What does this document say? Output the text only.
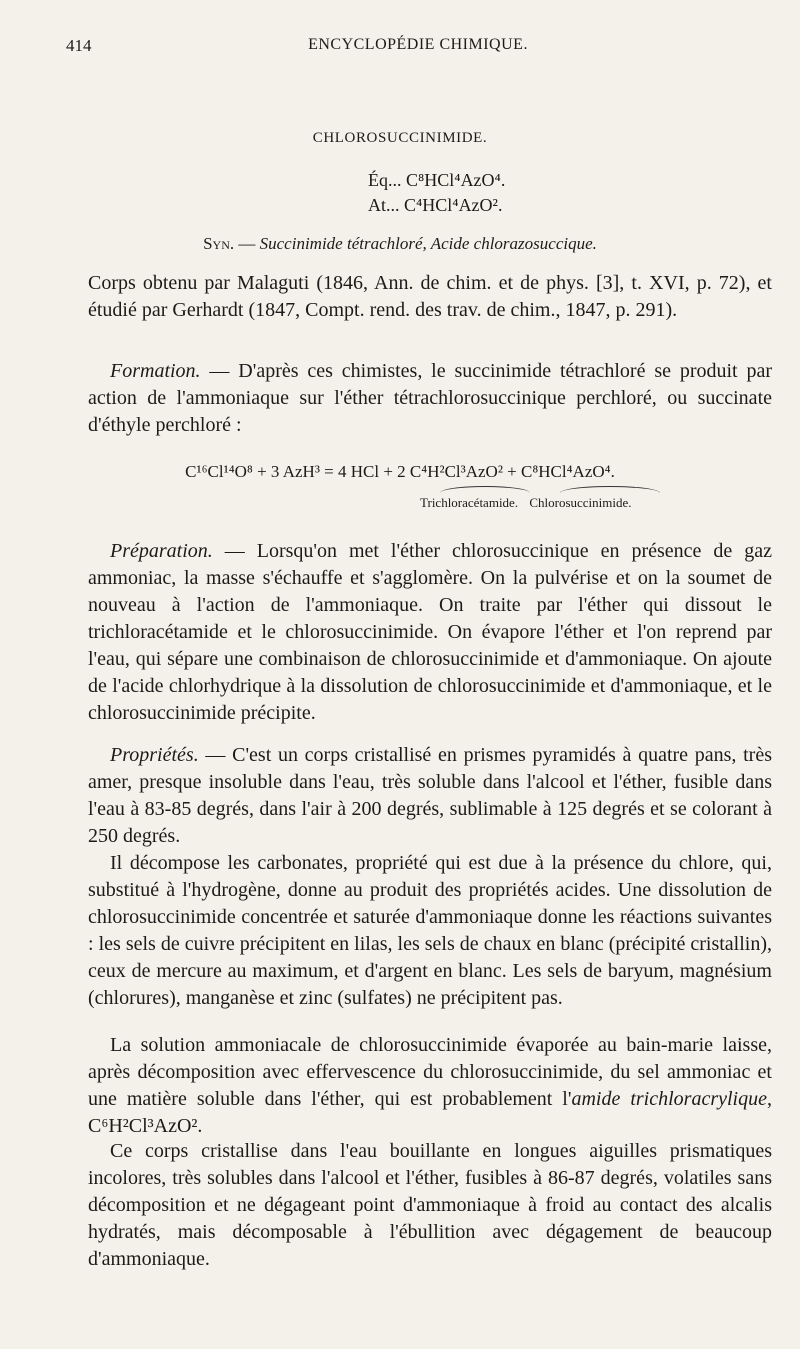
414	ENCYCLOPÉDIE CHIMIQUE.
CHLOROSUCCINIMIDE.
Éq... C⁸HCl⁴AzO⁴.
At... C⁴HCl⁴AzO².
Syn. — Succinimide tétrachloré, Acide chlorazosuccique.

Corps obtenu par Malaguti (1846, Ann. de chim. et de phys. [3], t. XVI, p. 72), et étudié par Gerhardt (1847, Compt. rend. des trav. de chim., 1847, p. 291).

Formation. — D'après ces chimistes, le succinimide tétrachloré se produit par action de l'ammoniaque sur l'éther tétrachlorosuccinique perchloré, ou succinate d'éthyle perchloré :

C¹⁶Cl¹⁴O⁸ + 3 AzH³ = 4 HCl + 2 C⁴H²Cl³AzO² + C⁸HCl⁴AzO⁴.
Trichloracétamide. Chlorosuccinimide.

Préparation. — Lorsqu'on met l'éther chlorosuccinique en présence de gaz ammoniac, la masse s'échauffe et s'agglomère. On la pulvérise et on la soumet de nouveau à l'action de l'ammoniaque. On traite par l'éther qui dissout le trichloracétamide et le chlorosuccinimide. On évapore l'éther et l'on reprend par l'eau, qui sépare une combinaison de chlorosuccinimide et d'ammoniaque. On ajoute de l'acide chlorhydrique à la dissolution de chlorosuccinimide et d'ammoniaque, et le chlorosuccinimide précipite.

Propriétés. — C'est un corps cristallisé en prismes pyramidés à quatre pans, très amer, presque insoluble dans l'eau, très soluble dans l'alcool et l'éther, fusible dans l'eau à 83-85 degrés, dans l'air à 200 degrés, sublimable à 125 degrés et se colorant à 250 degrés.

Il décompose les carbonates, propriété qui est due à la présence du chlore, qui, substitué à l'hydrogène, donne au produit des propriétés acides. Une dissolution de chlorosuccinimide concentrée et saturée d'ammoniaque donne les réactions suivantes : les sels de cuivre précipitent en lilas, les sels de chaux en blanc (précipité cristallin), ceux de mercure au maximum, et d'argent en blanc. Les sels de baryum, magnésium (chlorures), manganèse et zinc (sulfates) ne précipitent pas.

La solution ammoniacale de chlorosuccinimide évaporée au bain-marie laisse, après décomposition avec effervescence du chlorosuccinimide, du sel ammoniac et une matière soluble dans l'éther, qui est probablement l'amide trichloracrylique, C⁶H²Cl³AzO².

Ce corps cristallise dans l'eau bouillante en longues aiguilles prismatiques incolores, très solubles dans l'alcool et l'éther, fusibles à 86-87 degrés, volatiles sans décomposition et ne dégageant point d'ammoniaque à froid au contact des alcalis hydratés, mais décomposable à l'ébullition avec dégagement de beaucoup d'ammoniaque.
